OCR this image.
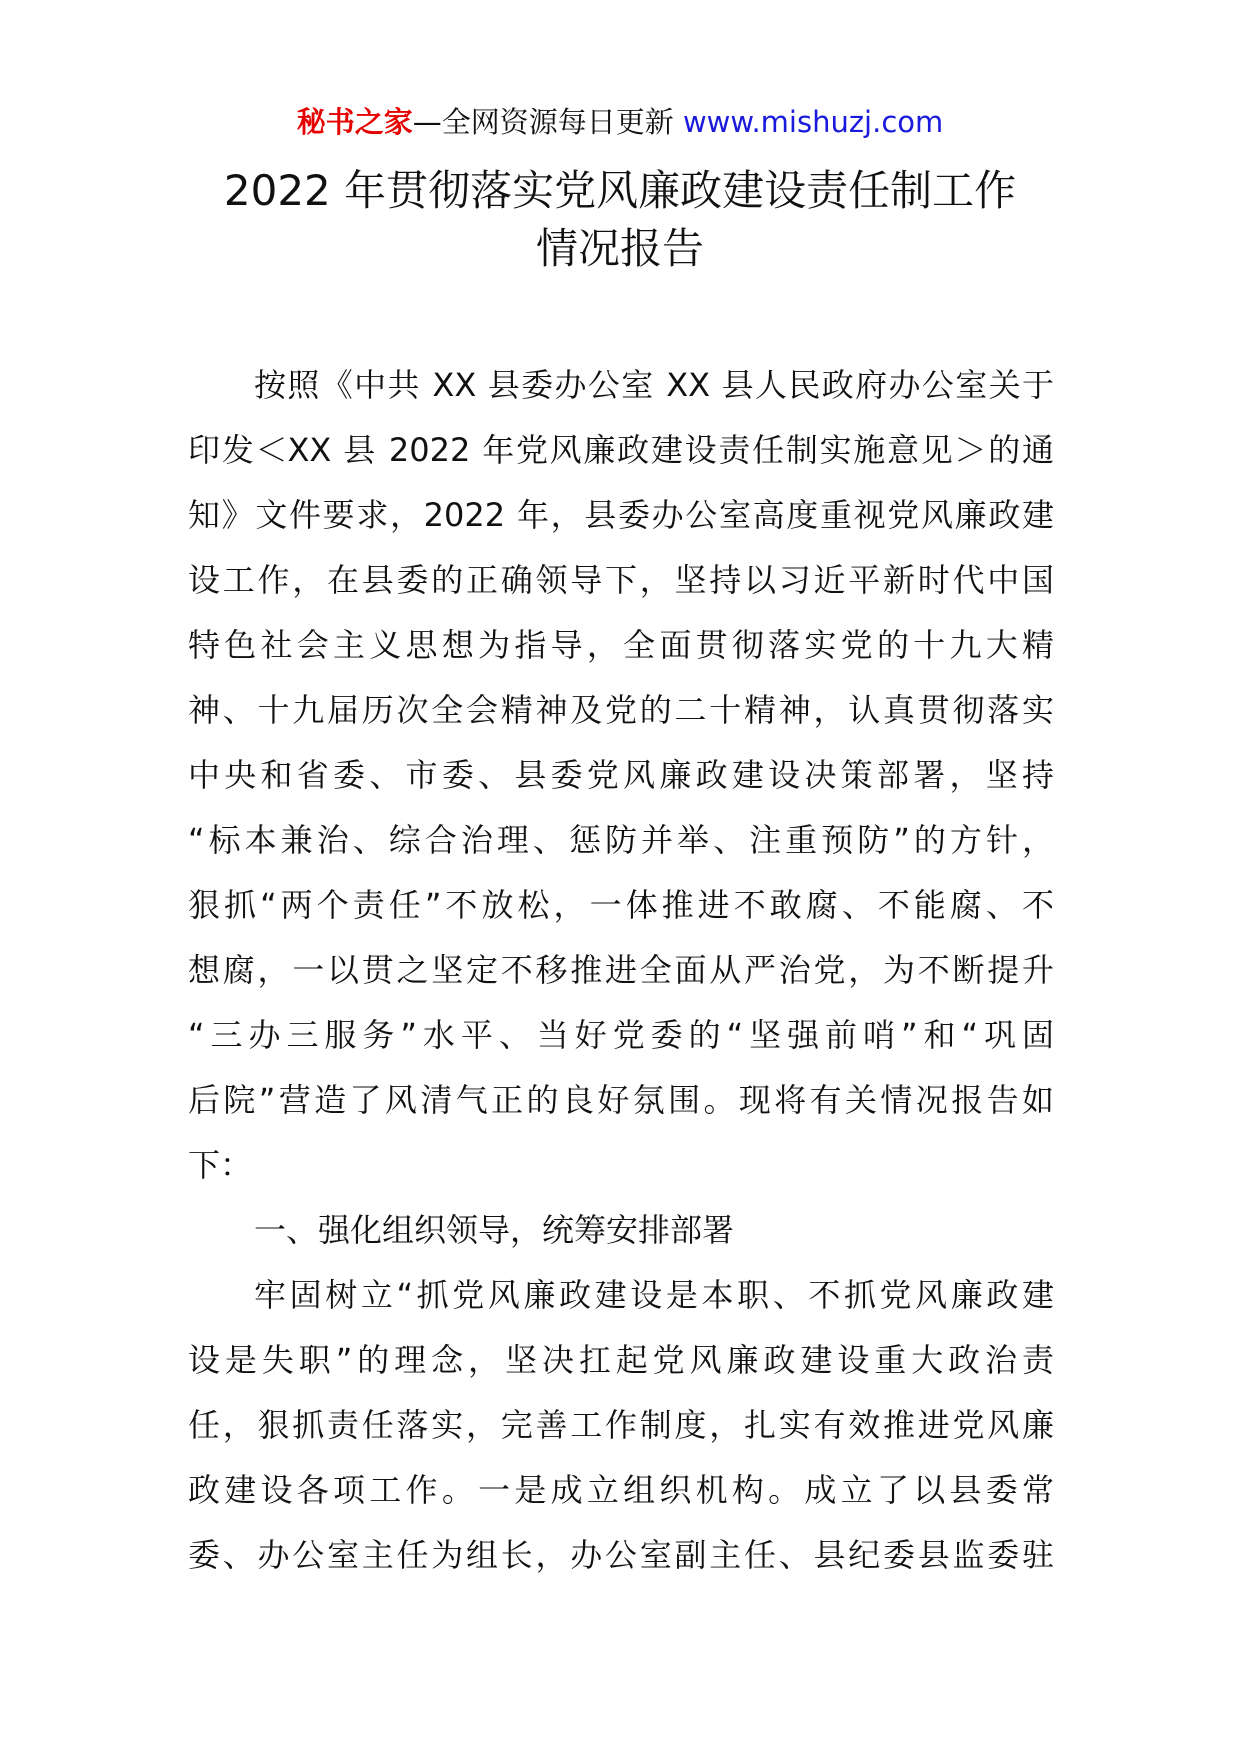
秘书之家—全网资源每日更新 www.mishuzj.com
2022 年贯彻落实党风廉政建设责任制工作
情况报告
按照《中共 XX 县委办公室 XX 县人民政府办公室关于
印发＜XX 县 2022 年党风廉政建设责任制实施意见＞的通
知》文件要求，2022 年，县委办公室高度重视党风廉政建
设工作，在县委的正确领导下，坚持以习近平新时代中国
特色社会主义思想为指导，全面贯彻落实党的十九大精
神、十九届历次全会精神及党的二十精神，认真贯彻落实
中央和省委、市委、县委党风廉政建设决策部署，坚持
“标本兼治、综合治理、惩防并举、注重预防”的方针，
狠抓“两个责任”不放松，一体推进不敢腐、不能腐、不
想腐，一以贯之坚定不移推进全面从严治党，为不断提升
“三办三服务”水平、当好党委的“坚强前哨”和“巩固
后院”营造了风清气正的良好氛围。现将有关情况报告如
下：
一、强化组织领导，统筹安排部署
牢固树立“抓党风廉政建设是本职、不抓党风廉政建
设是失职”的理念，坚决扛起党风廉政建设重大政治责
任，狠抓责任落实，完善工作制度，扎实有效推进党风廉
政建设各项工作。一是成立组织机构。成立了以县委常
委、办公室主任为组长，办公室副主任、县纪委县监委驻
